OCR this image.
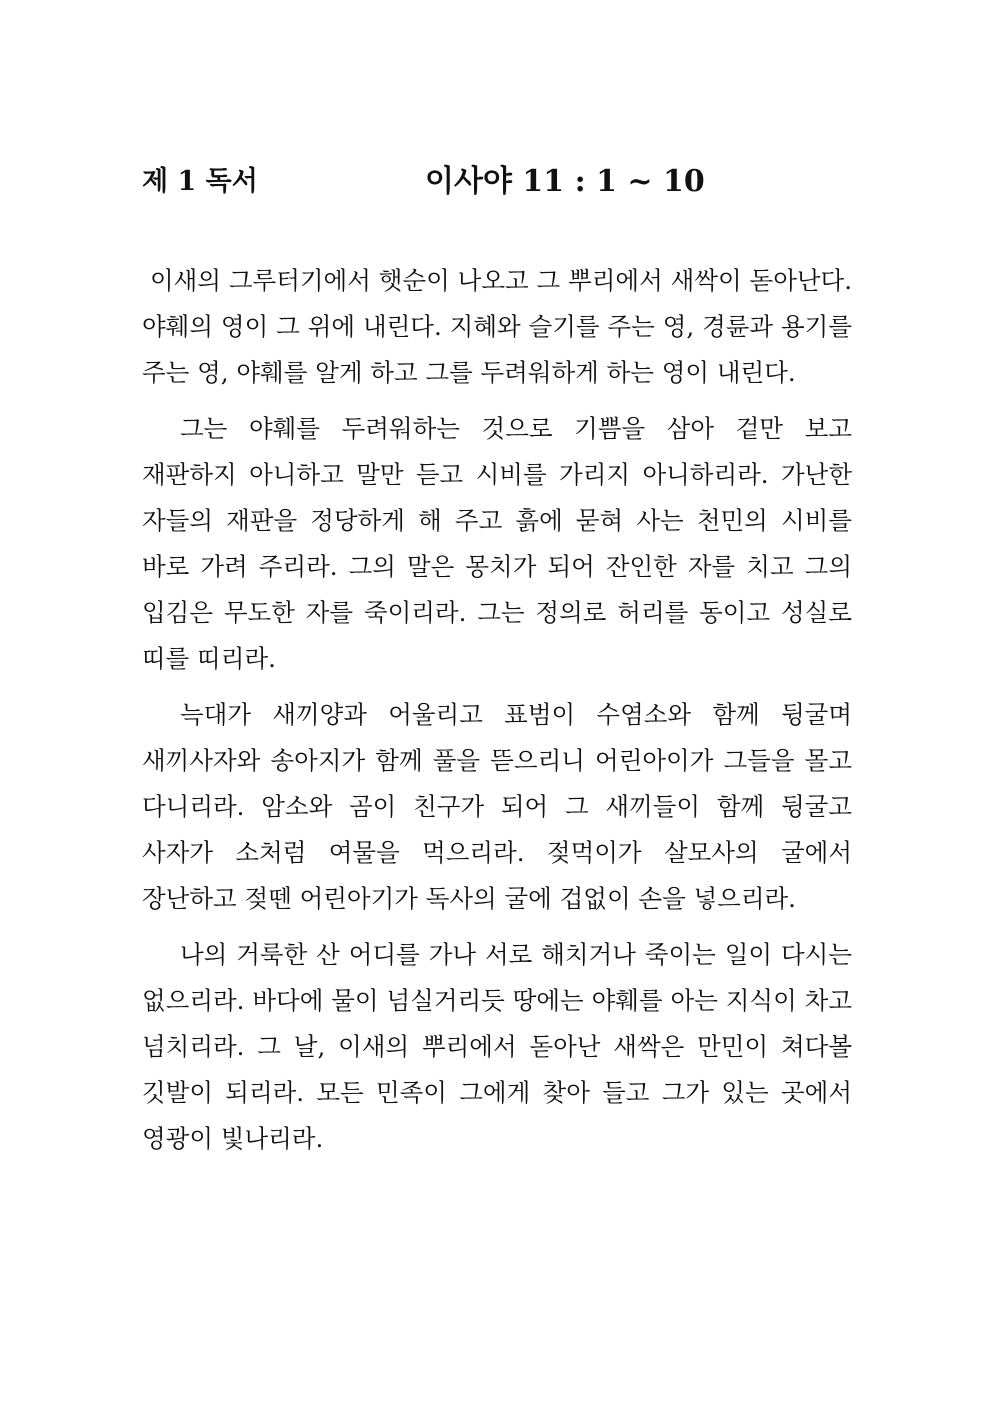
제 1 독서	이사야 11 : 1 ~ 10

이새의 그루터기에서 햇순이 나오고 그 뿌리에서 새싹이 돋아난다. 야훼의 영이 그 위에 내린다. 지혜와 슬기를 주는 영, 경륜과 용기를 주는 영, 야훼를 알게 하고 그를 두려워하게 하는 영이 내린다.

그는 야훼를 두려워하는 것으로 기쁨을 삼아 겉만 보고 재판하지 아니하고 말만 듣고 시비를 가리지 아니하리라. 가난한 자들의 재판을 정당하게 해 주고 흙에 묻혀 사는 천민의 시비를 바로 가려 주리라. 그의 말은 몽치가 되어 잔인한 자를 치고 그의 입김은 무도한 자를 죽이리라. 그는 정의로 허리를 동이고 성실로 띠를 띠리라.

늑대가 새끼양과 어울리고 표범이 수염소와 함께 뒹굴며 새끼사자와 송아지가 함께 풀을 뜯으리니 어린아이가 그들을 몰고 다니리라. 암소와 곰이 친구가 되어 그 새끼들이 함께 뒹굴고 사자가 소처럼 여물을 먹으리라. 젖먹이가 살모사의 굴에서 장난하고 젖뗀 어린아기가 독사의 굴에 겁없이 손을 넣으리라.

나의 거룩한 산 어디를 가나 서로 해치거나 죽이는 일이 다시는 없으리라. 바다에 물이 넘실거리듯 땅에는 야훼를 아는 지식이 차고 넘치리라. 그 날, 이새의 뿌리에서 돋아난 새싹은 만민이 쳐다볼 깃발이 되리라. 모든 민족이 그에게 찾아 들고 그가 있는 곳에서 영광이 빛나리라.
